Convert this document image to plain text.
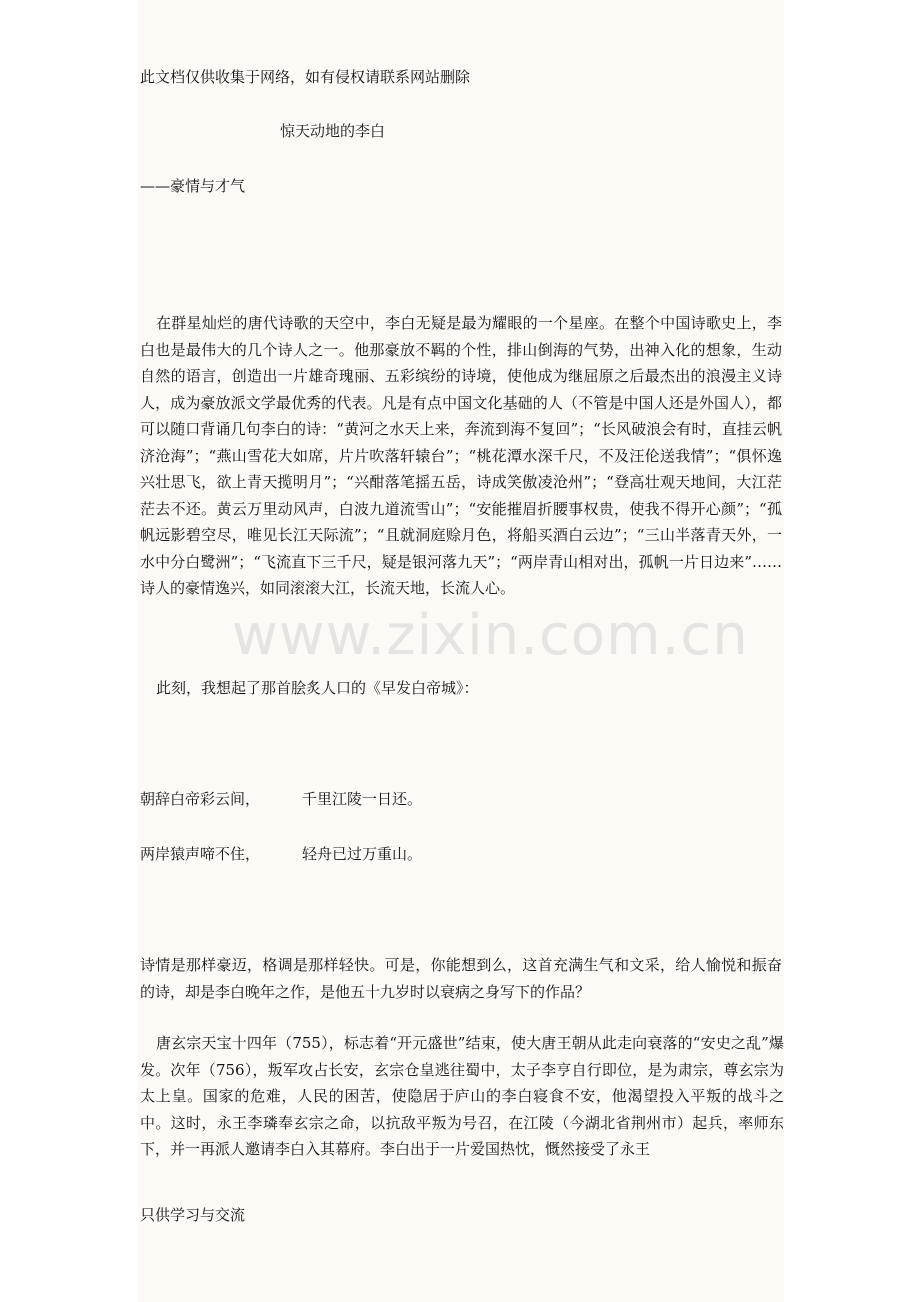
此文档仅供收集于网络，如有侵权请联系网站删除
惊天动地的李白
——豪情与才气

在群星灿烂的唐代诗歌的天空中，李白无疑是最为耀眼的一个星座。在整个中国诗歌史上，李白也是最伟大的几个诗人之一。他那豪放不羁的个性，排山倒海的气势，出神入化的想象，生动自然的语言，创造出一片雄奇瑰丽、五彩缤纷的诗境，使他成为继屈原之后最杰出的浪漫主义诗人，成为豪放派文学最优秀的代表。凡是有点中国文化基础的人（不管是中国人还是外国人），都可以随口背诵几句李白的诗：“黄河之水天上来，奔流到海不复回”；“长风破浪会有时，直挂云帆济沧海”；“燕山雪花大如席，片片吹落轩辕台”；“桃花潭水深千尺，不及汪伦送我情”；“俱怀逸兴壮思飞，欲上青天揽明月”；“兴酣落笔摇五岳，诗成笑傲凌沧州”；“登高壮观天地间，大江茫茫去不还。黄云万里动风声，白波九道流雪山”；“安能摧眉折腰事权贵，使我不得开心颜”；“孤帆远影碧空尽，唯见长江天际流”；“且就洞庭赊月色，将船买酒白云边”；“三山半落青天外，一水中分白鹭洲”；“飞流直下三千尺，疑是银河落九天”；“两岸青山相对出，孤帆一片日边来”……诗人的豪情逸兴，如同滚滚大江，长流天地，长流人心。

此刻，我想起了那首脍炙人口的《早发白帝城》：

朝辞白帝彩云间，	千里江陵一日还。
两岸猿声啼不住，	轻舟已过万重山。

诗情是那样豪迈，格调是那样轻快。可是，你能想到么，这首充满生气和文采，给人愉悦和振奋的诗，却是李白晚年之作，是他五十九岁时以衰病之身写下的作品？

唐玄宗天宝十四年（755），标志着“开元盛世”结束，使大唐王朝从此走向衰落的“安史之乱”爆发。次年（756），叛军攻占长安，玄宗仓皇逃往蜀中，太子李亨自行即位，是为肃宗，尊玄宗为太上皇。国家的危难，人民的困苦，使隐居于庐山的李白寝食不安，他渴望投入平叛的战斗之中。这时，永王李璘奉玄宗之命，以抗敌平叛为号召，在江陵（今湖北省荆州市）起兵，率师东下，并一再派人邀请李白入其幕府。李白出于一片爱国热忱，慨然接受了永王

www.zixin.com.cn
只供学习与交流
